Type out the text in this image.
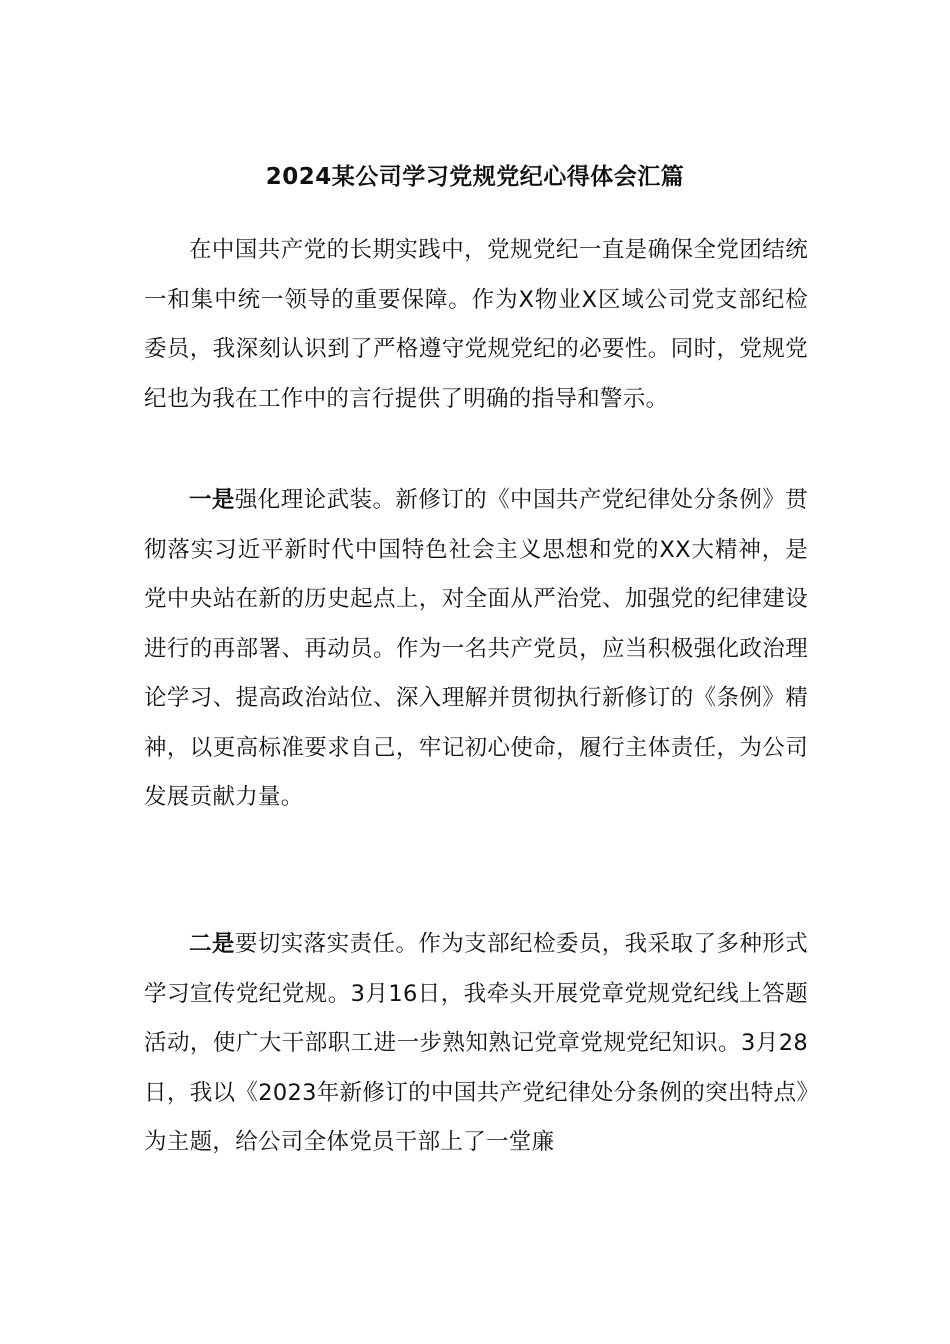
2024某公司学习党规党纪心得体会汇篇

在中国共产党的长期实践中，党规党纪一直是确保全党团结统一和集中统一领导的重要保障。作为X物业X区域公司党支部纪检委员，我深刻认识到了严格遵守党规党纪的必要性。同时，党规党纪也为我在工作中的言行提供了明确的指导和警示。

一是强化理论武装。新修订的《中国共产党纪律处分条例》贯彻落实习近平新时代中国特色社会主义思想和党的XX大精神，是党中央站在新的历史起点上，对全面从严治党、加强党的纪律建设进行的再部署、再动员。作为一名共产党员，应当积极强化政治理论学习、提高政治站位、深入理解并贯彻执行新修订的《条例》精神，以更高标准要求自己，牢记初心使命，履行主体责任，为公司发展贡献力量。

二是要切实落实责任。作为支部纪检委员，我采取了多种形式学习宣传党纪党规。3月16日，我牵头开展党章党规党纪线上答题活动，使广大干部职工进一步熟知熟记党章党规党纪知识。3月28日，我以《2023年新修订的中国共产党纪律处分条例的突出特点》为主题，给公司全体党员干部上了一堂廉
